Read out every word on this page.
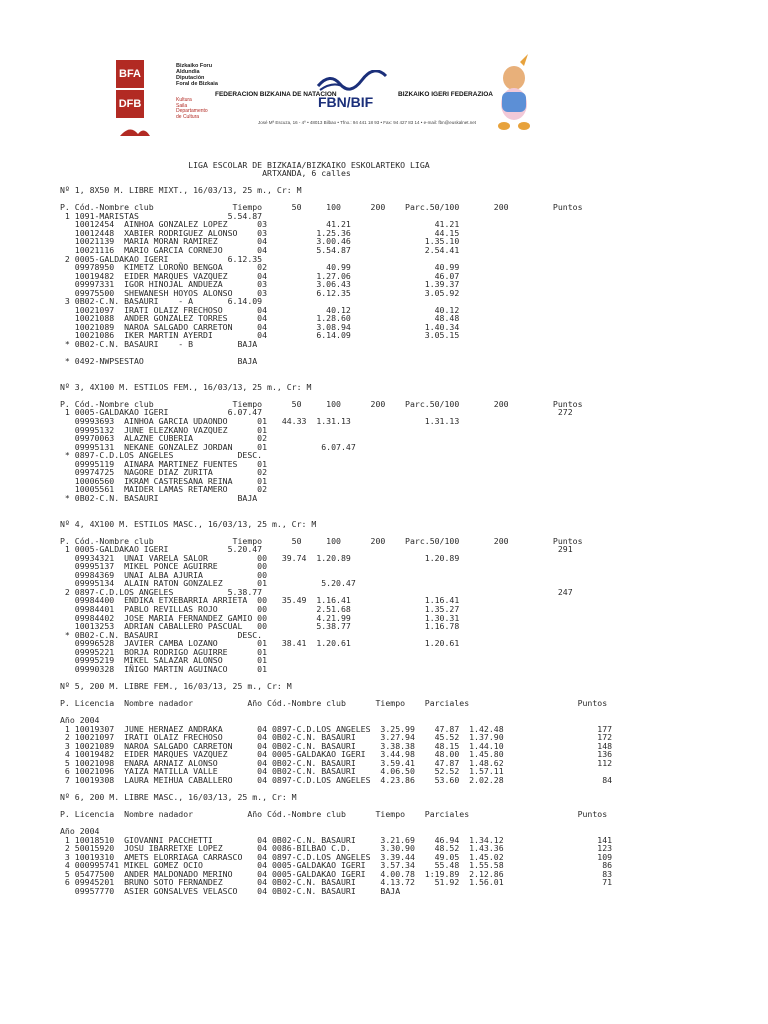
BFA
DFB
Bizkaiko Foru
Aldundia
Diputación
Foral de Bizkaia
Kultura
Saila
Departamento
de Cultura
FEDERACION BIZKAINA DE NATACION
FBN/BIF	BIZKAIKO IGERI FEDERAZIOA
José Mª Escuza, 16 - 4º • 48013 Bilbao • Tfno.: 94 441 18 93 • Fax: 94 427 83 14 • e-mail: fbn@euskalnet.net

LIGA ESCOLAR DE BIZKAIA/BIZKAIKO ESKOLARTEKO LIGA
ARTXANDA, 6 calles

Nº 1, 8X50 M. LIBRE MIXT., 16/03/13, 25 m., Cr: M

P. Cód.-Nombre club                Tiempo      50     100      200    Parc.50/100       200         Puntos
1 1091-MARISTAS                  5.54.87
10012454  AINHOA GONZALEZ LOPEZ      03            41.21                 41.21
10012448  XABIER RODRIGUEZ ALONSO    03          1.25.36                 44.15
10021139  MARIA MORAN RAMIREZ        04          3.00.46               1.35.10
10021116  MARIO GARCIA CORNEJO       04          5.54.87               2.54.41
2 0005-GALDAKAO IGERI            6.12.35
09978950  KIMETZ LOROÑO BENGOA       02            40.99                 40.99
10019482  EIDER MARQUES VAZQUEZ      04          1.27.06                 46.07
09997331  IGOR HINOJAL ANDUEZA       03          3.06.43               1.39.37
09975500  SHEWANESH HOYOS ALONSO     03          6.12.35               3.05.92
3 0B02-C.N. BASAURI    - A       6.14.09
10021097  IRATI OLAIZ FRECHOSO       04            40.12                 40.12
10021088  ANDER GONZALEZ TORRES      04          1.28.60                 48.48
10021089  NAROA SALGADO CARRETON     04          3.08.94               1.40.34
10021086  IKER MARTIN AYERDI         04          6.14.09               3.05.15
* 0B02-C.N. BASAURI    - B         BAJA

* 0492-NWPSESTAO                   BAJA

Nº 3, 4X100 M. ESTILOS FEM., 16/03/13, 25 m., Cr: M

P. Cód.-Nombre club                Tiempo      50     100      200    Parc.50/100       200         Puntos
1 0005-GALDAKAO IGERI            6.07.47                                                            272
09993693  AINHOA GARCIA UDAONDO      01   44.33  1.31.13               1.31.13
09995132  JUNE ELEZKANO VAZQUEZ      01
09970063  ALAZNE CUBERIA             02
09995131  NEKANE GONZALEZ JORDAN     01           6.07.47
* 0897-C.D.LOS ANGELES             DESC.
09995119  AINARA MARTINEZ FUENTES    01
09974725  NAGORE DIAZ ZURITA         02
10006560  IKRAM CASTRESANA REINA     01
10005561  MAIDER LAMAS RETAMERO      02
* 0B02-C.N. BASAURI                BAJA

Nº 4, 4X100 M. ESTILOS MASC., 16/03/13, 25 m., Cr: M

P. Cód.-Nombre club                Tiempo      50     100      200    Parc.50/100       200         Puntos
1 0005-GALDAKAO IGERI            5.20.47                                                            291
09934321  UNAI VARELA SALOR          00   39.74  1.20.89               1.20.89
09995137  MIKEL PONCE AGUIRRE        00
09984369  UNAI ALBA AJURIA           00
09995134  ALAIN RATON GONZALEZ       01           5.20.47
2 0897-C.D.LOS ANGELES           5.38.77                                                            247
09984400  ENDIKA ETXEBARRIA ARRIETA  00   35.49  1.16.41               1.16.41
09984401  PABLO REVILLAS ROJO        00          2.51.68               1.35.27
09984402  JOSE MARIA FERNANDEZ GAMIO 00          4.21.99               1.30.31
10013253  ADRIAN CABALLERO PASCUAL   00          5.38.77               1.16.78
* 0B02-C.N. BASAURI                DESC.
09996528  JAVIER CAMBA LOZANO        01   38.41  1.20.61               1.20.61
09995221  BORJA RODRIGO AGUIRRE      01
09995219  MIKEL SALAZAR ALONSO       01
09990328  IÑIGO MARTIN AGUINACO      01

Nº 5, 200 M. LIBRE FEM., 16/03/13, 25 m., Cr: M

P. Licencia  Nombre nadador           Año Cód.-Nombre club      Tiempo    Parciales                      Puntos

Año 2004
1 10019307  JUNE HERNAEZ ANDRAKA       04 0897-C.D.LOS ANGELES  3.25.99    47.87  1.42.48                   177
2 10021097  IRATI OLAIZ FRECHOSO       04 0B02-C.N. BASAURI     3.27.94    45.52  1.37.90                   172
3 10021089  NAROA SALGADO CARRETON     04 0B02-C.N. BASAURI     3.38.38    48.15  1.44.10                   148
4 10019482  EIDER MARQUES VAZQUEZ      04 0005-GALDAKAO IGERI   3.44.98    48.00  1.45.80                   136
5 10021098  ENARA ARNAIZ ALONSO        04 0B02-C.N. BASAURI     3.59.41    47.87  1.48.62                   112
6 10021096  YAIZA MATILLA VALLE        04 0B02-C.N. BASAURI     4.06.50    52.52  1.57.11
7 10019308  LAURA MEIHUA CABALLERO     04 0897-C.D.LOS ANGELES  4.23.86    53.60  2.02.28                    84

Nº 6, 200 M. LIBRE MASC., 16/03/13, 25 m., Cr: M

P. Licencia  Nombre nadador           Año Cód.-Nombre club      Tiempo    Parciales                      Puntos

Año 2004
1 10018510  GIOVANNI PACCHETTI         04 0B02-C.N. BASAURI     3.21.69    46.94  1.34.12                   141
2 50015920  JOSU IBARRETXE LOPEZ       04 0086-BILBAO C.D.      3.30.90    48.52  1.43.36                   123
3 10019310  AMETS ELORRIAGA CARRASCO   04 0897-C.D.LOS ANGELES  3.39.44    49.05  1.45.02                   109
4 000995741 MIKEL GOMEZ OCIO           04 0005-GALDAKAO IGERI   3.57.34    55.48  1.55.58                    86
5 05477500  ANDER MALDONADO MERINO     04 0005-GALDAKAO IGERI   4.00.78  1:19.89  2.12.86                    83
6 09945201  BRUNO SOTO FERNANDEZ       04 0B02-C.N. BASAURI     4.13.72    51.92  1.56.01                    71
09957770  ASIER GONSALVES VELASCO    04 0B02-C.N. BASAURI     BAJA
